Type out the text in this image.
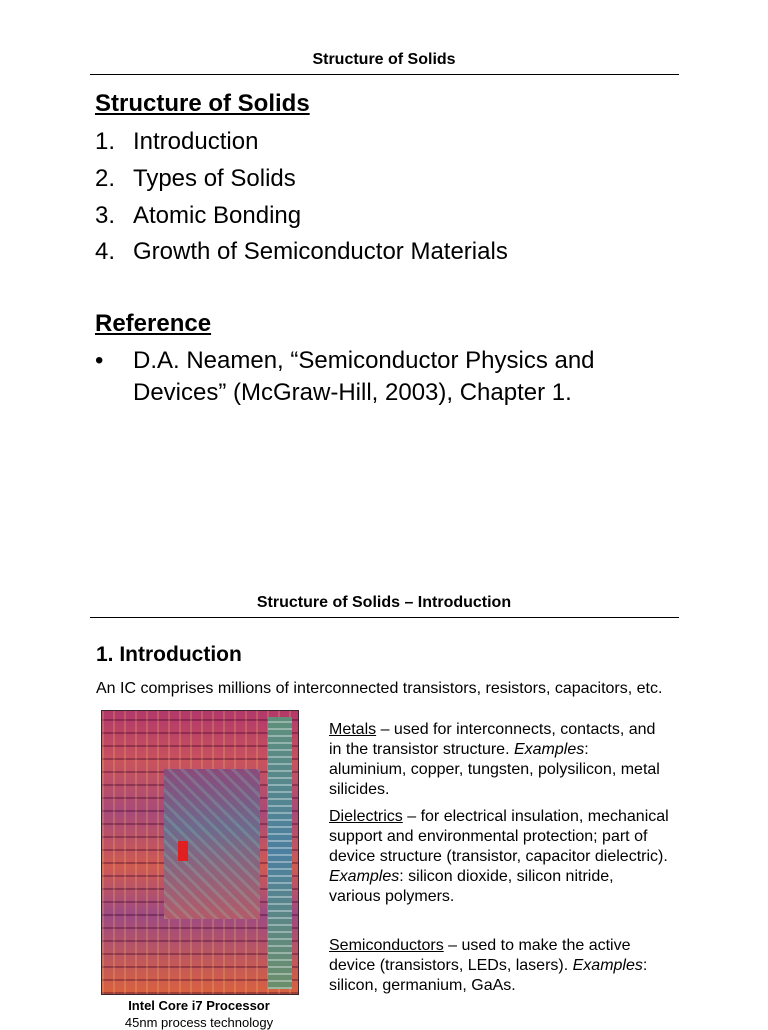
Structure of Solids
Structure of Solids
1. Introduction
2. Types of Solids
3. Atomic Bonding
4. Growth of Semiconductor Materials
Reference
•	D.A. Neamen, “Semiconductor Physics and Devices” (McGraw-Hill, 2003), Chapter 1.
Structure of Solids – Introduction
1. Introduction
An IC comprises millions of interconnected transistors, resistors, capacitors, etc.
Intel Core i7 Processor
45nm process technology
Metals – used for interconnects, contacts, and in the transistor structure. Examples: aluminium, copper, tungsten, polysilicon, metal silicides.
Dielectrics – for electrical insulation, mechanical support and environmental protection; part of device structure (transistor, capacitor dielectric). Examples: silicon dioxide, silicon nitride, various polymers.
Semiconductors – used to make the active device (transistors, LEDs, lasers). Examples: silicon, germanium, GaAs.
